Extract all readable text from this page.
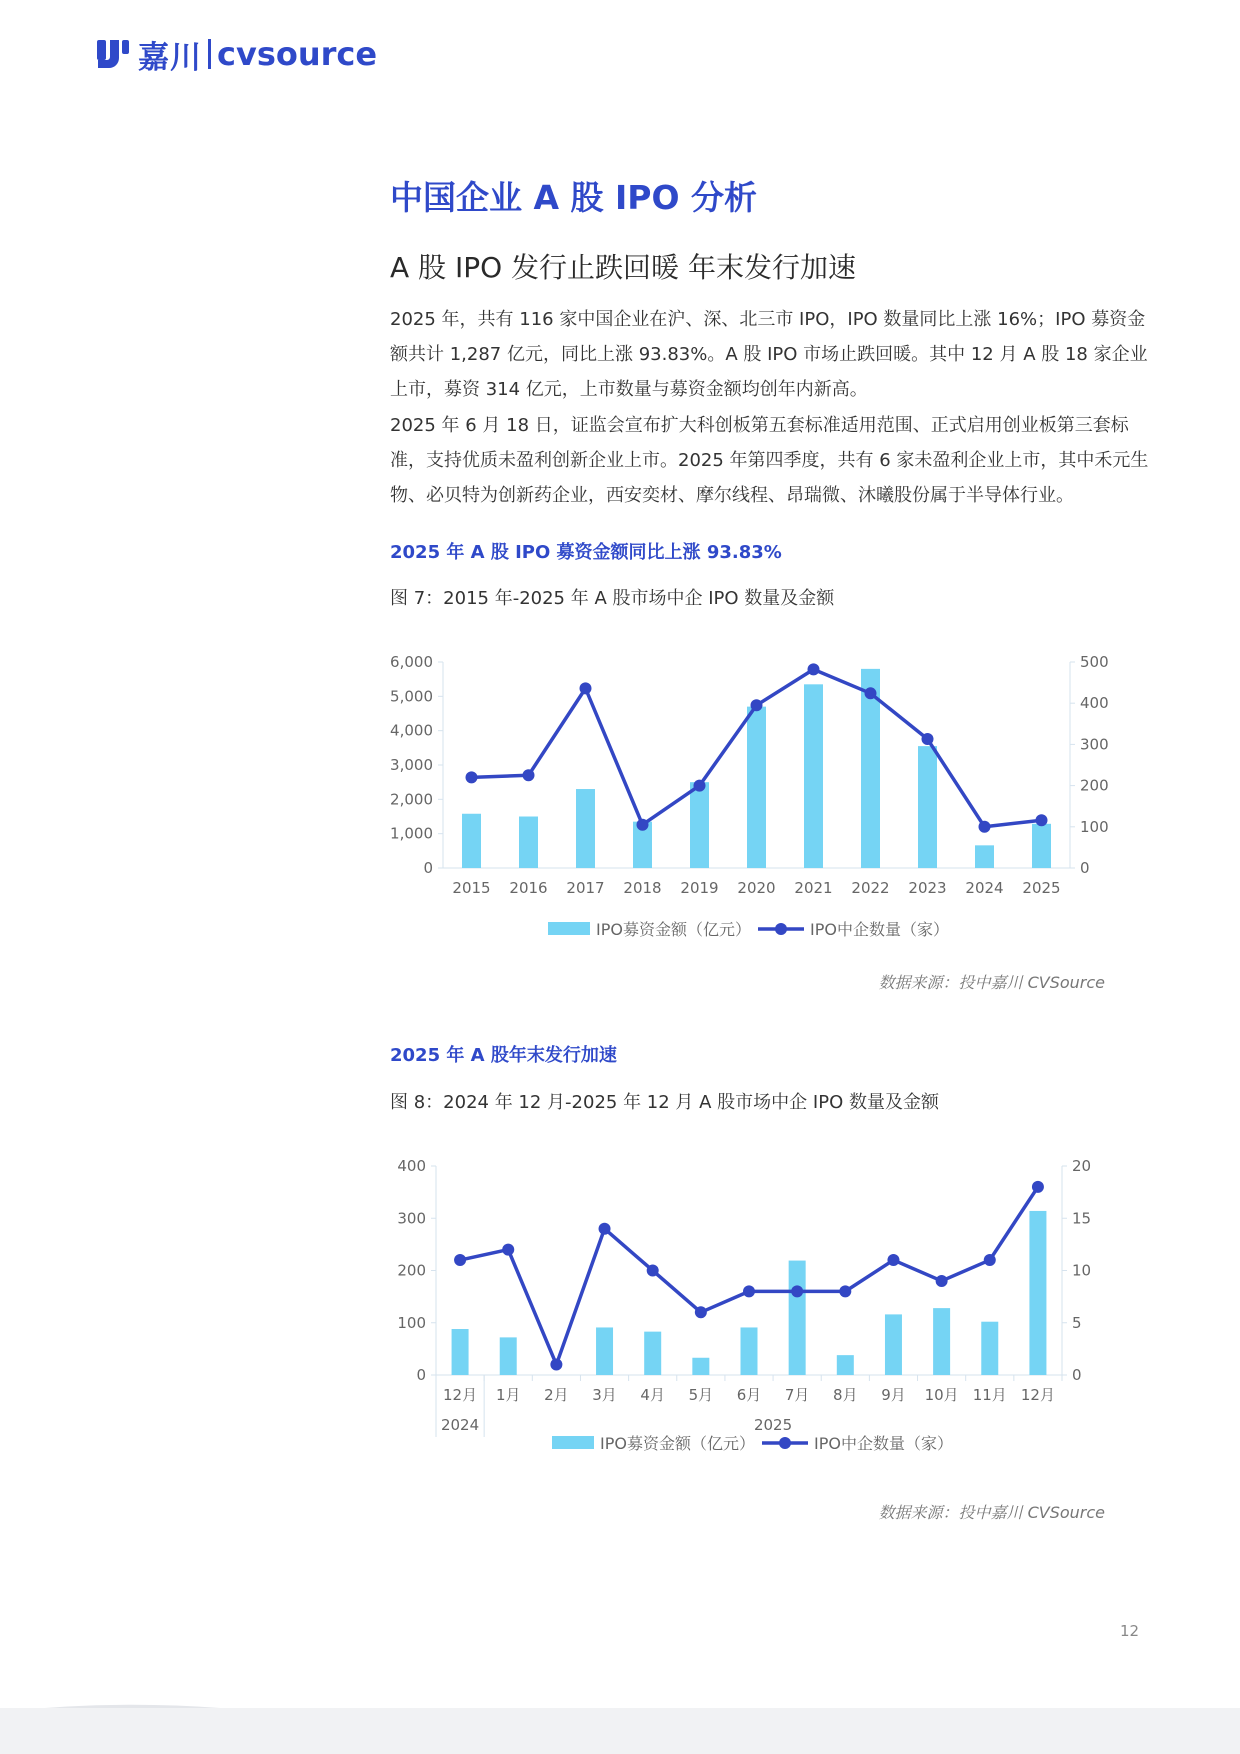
嘉川 cvsource
中国企业 A 股 IPO 分析
A 股 IPO 发行止跌回暖 年末发行加速

2025 年，共有 116 家中国企业在沪、深、北三市 IPO，IPO 数量同比上涨 16%；IPO 募资金额共计 1,287 亿元，同比上涨 93.83%。A 股 IPO 市场止跌回暖。其中 12 月 A 股 18 家企业上市，募资 314 亿元，上市数量与募资金额均创年内新高。

2025 年 6 月 18 日，证监会宣布扩大科创板第五套标准适用范围、正式启用创业板第三套标准，支持优质未盈利创新企业上市。2025 年第四季度，共有 6 家未盈利企业上市，其中禾元生物、必贝特为创新药企业，西安奕材、摩尔线程、昂瑞微、沐曦股份属于半导体行业。

2025 年 A 股 IPO 募资金额同比上涨 93.83%
图 7：2015 年-2025 年 A 股市场中企 IPO 数量及金额
0
1,000
2,000
3,000
4,000
5,000
6,000
0
100
200
300
400
500
2015 2016 2017 2018 2019 2020 2021 2022 2023 2024 2025
IPO募资金额（亿元）	IPO中企数量（家）
数据来源：投中嘉川 CVSource
2025 年 A 股年末发行加速
图 8：2024 年 12 月-2025 年 12 月 A 股市场中企 IPO 数量及金额
0
100
200
300
400
0
5
10
15
20
12月 1月 2月 3月 4月 5月 6月 7月 8月 9月 10月 11月 12月
2024	2025
IPO募资金额（亿元）	IPO中企数量（家）
数据来源：投中嘉川 CVSource
12
